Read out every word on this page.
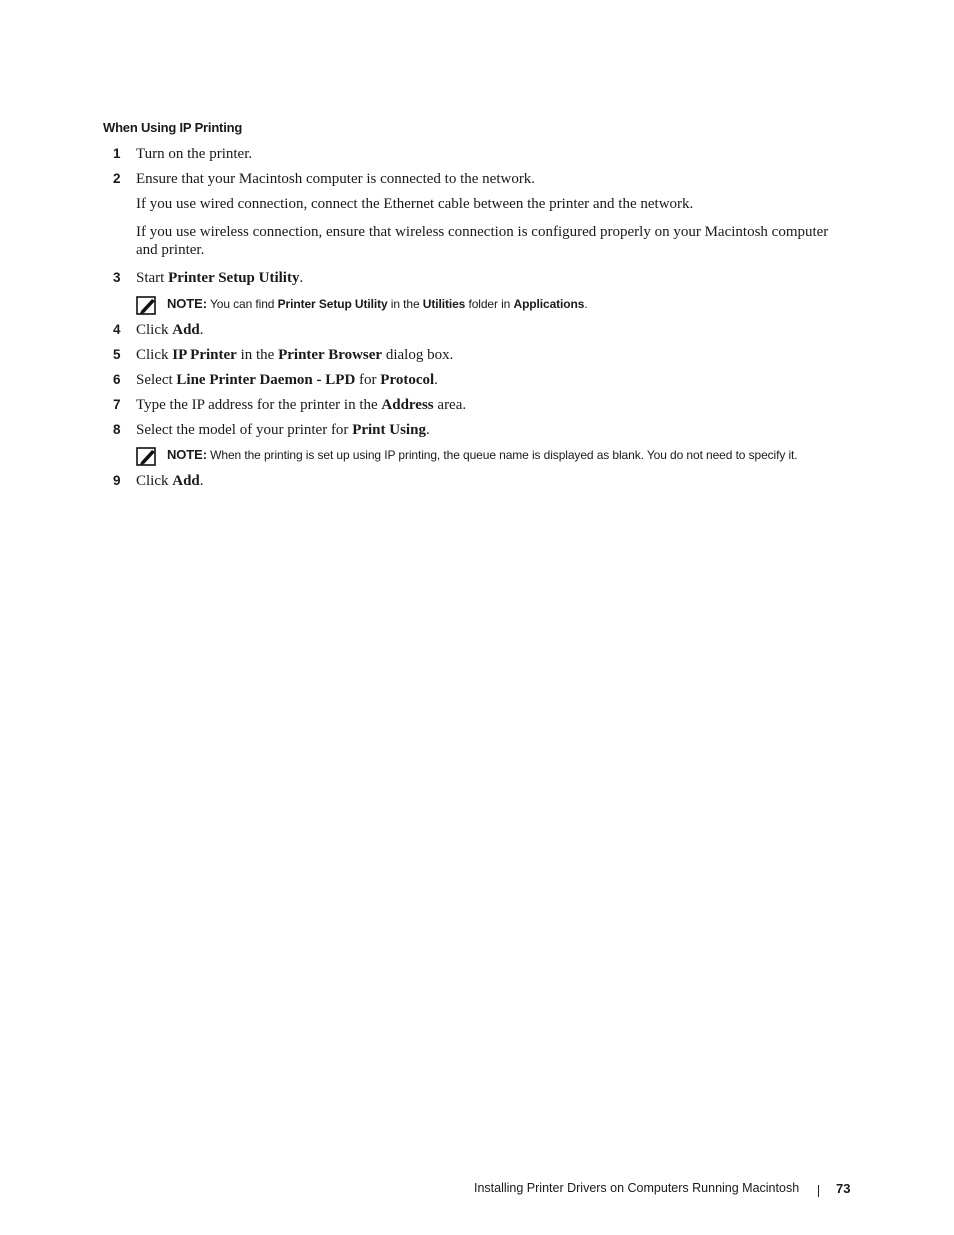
When Using IP Printing
1 Turn on the printer.
2 Ensure that your Macintosh computer is connected to the network.
If you use wired connection, connect the Ethernet cable between the printer and the network.
If you use wireless connection, ensure that wireless connection is configured properly on your Macintosh computer and printer.
3 Start Printer Setup Utility.
NOTE: You can find Printer Setup Utility in the Utilities folder in Applications.
4 Click Add.
5 Click IP Printer in the Printer Browser dialog box.
6 Select Line Printer Daemon - LPD for Protocol.
7 Type the IP address for the printer in the Address area.
8 Select the model of your printer for Print Using.
NOTE: When the printing is set up using IP printing, the queue name is displayed as blank. You do not need to specify it.
9 Click Add.
Installing Printer Drivers on Computers Running Macintosh	73
